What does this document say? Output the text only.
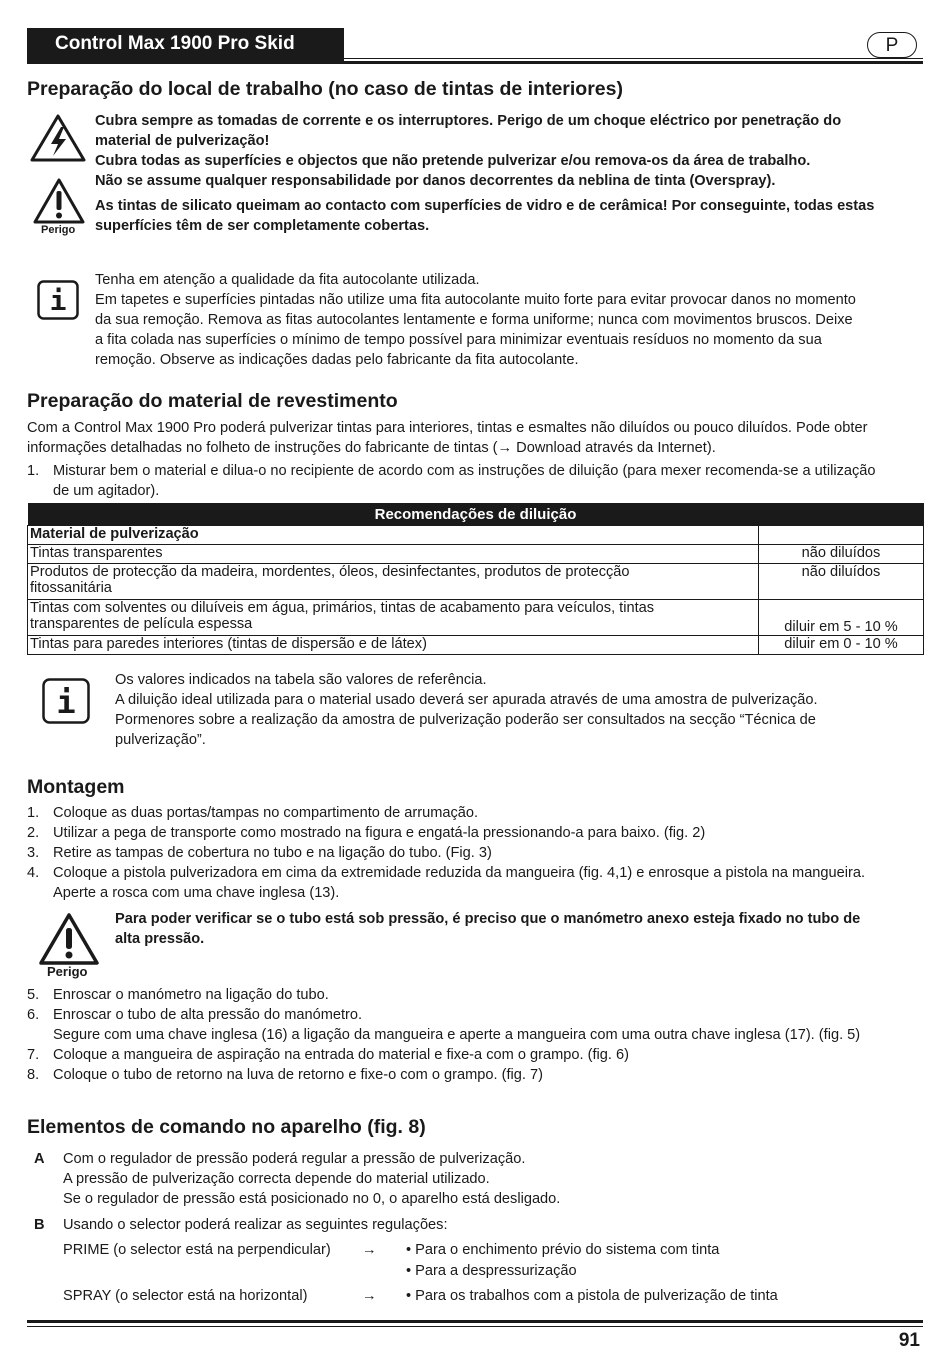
Control Max 1900 Pro Skid	P
Preparação do local de trabalho (no caso de tintas de interiores)
Perigo
Cubra sempre as tomadas de corrente e os interruptores. Perigo de um choque eléctrico por penetração do
material de pulverização!
Cubra todas as superfícies e objectos que não pretende pulverizar e/ou remova-os da área de trabalho.
Não se assume qualquer responsabilidade por danos decorrentes da neblina de tinta (Overspray).
As tintas de silicato queimam ao contacto com superfícies de vidro e de cerâmica! Por conseguinte, todas estas
superfícies têm de ser completamente cobertas.
i
Tenha em atenção a qualidade da fita autocolante utilizada.
Em tapetes e superfícies pintadas não utilize uma fita autocolante muito forte para evitar provocar danos no momento
da sua remoção. Remova as fitas autocolantes lentamente e forma uniforme; nunca com movimentos bruscos. Deixe
a fita colada nas superfícies o mínimo de tempo possível para minimizar eventuais resíduos no momento da sua
remoção. Observe as indicações dadas pelo fabricante da fita autocolante.
Preparação do material de revestimento
Com a Control Max 1900 Pro poderá pulverizar tintas para interiores, tintas e esmaltes não diluídos ou pouco diluídos. Pode obter
informações detalhadas no folheto de instruções do fabricante de tintas (→ Download através da Internet).
1. Misturar bem o material e dilua-o no recipiente de acordo com as instruções de diluição (para mexer recomenda-se a utilização
de um agitador).
Recomendações de diluição	
Material de pulverização	
Tintas transparentes	não diluídos
Produtos de protecção da madeira, mordentes, óleos, desinfectantes, produtos de protecção
fitossanitária	não diluídos
Tintas com solventes ou diluíveis em água, primários, tintas de acabamento para veículos, tintas
transparentes de película espessa	diluir em 5 - 10 %
Tintas para paredes interiores (tintas de dispersão e de látex)	diluir em 0 - 10 %
i
Os valores indicados na tabela são valores de referência.
A diluição ideal utilizada para o material usado deverá ser apurada através de uma amostra de pulverização.
Pormenores sobre a realização da amostra de pulverização poderão ser consultados na secção “Técnica de
pulverização”.
Montagem
1. Coloque as duas portas/tampas no compartimento de arrumação.
2. Utilizar a pega de transporte como mostrado na figura e engatá-la pressionando-a para baixo. (fig. 2)
3. Retire as tampas de cobertura no tubo e na ligação do tubo. (Fig. 3)
4. Coloque a pistola pulverizadora em cima da extremidade reduzida da mangueira (fig. 4,1) e enrosque a pistola na mangueira.
Aperte a rosca com uma chave inglesa (13).
Perigo
Para poder verificar se o tubo está sob pressão, é preciso que o manómetro anexo esteja fixado no tubo de
alta pressão.
5. Enroscar o manómetro na ligação do tubo.
6. Enroscar o tubo de alta pressão do manómetro.
Segure com uma chave inglesa (16) a ligação da mangueira e aperte a mangueira com uma outra chave inglesa (17). (fig. 5)
7. Coloque a mangueira de aspiração na entrada do material e fixe-a com o grampo. (fig. 6)
8. Coloque o tubo de retorno na luva de retorno e fixe-o com o grampo. (fig. 7)
Elementos de comando no aparelho (fig. 8)
A Com o regulador de pressão poderá regular a pressão de pulverização.
A pressão de pulverização correcta depende do material utilizado.
Se o regulador de pressão está posicionado no 0, o aparelho está desligado.
B Usando o selector poderá realizar as seguintes regulações:
PRIME (o selector está na perpendicular) → • Para o enchimento prévio do sistema com tinta
• Para a despressurização
SPRAY (o selector está na horizontal)	→ • Para os trabalhos com a pistola de pulverização de tinta
91
